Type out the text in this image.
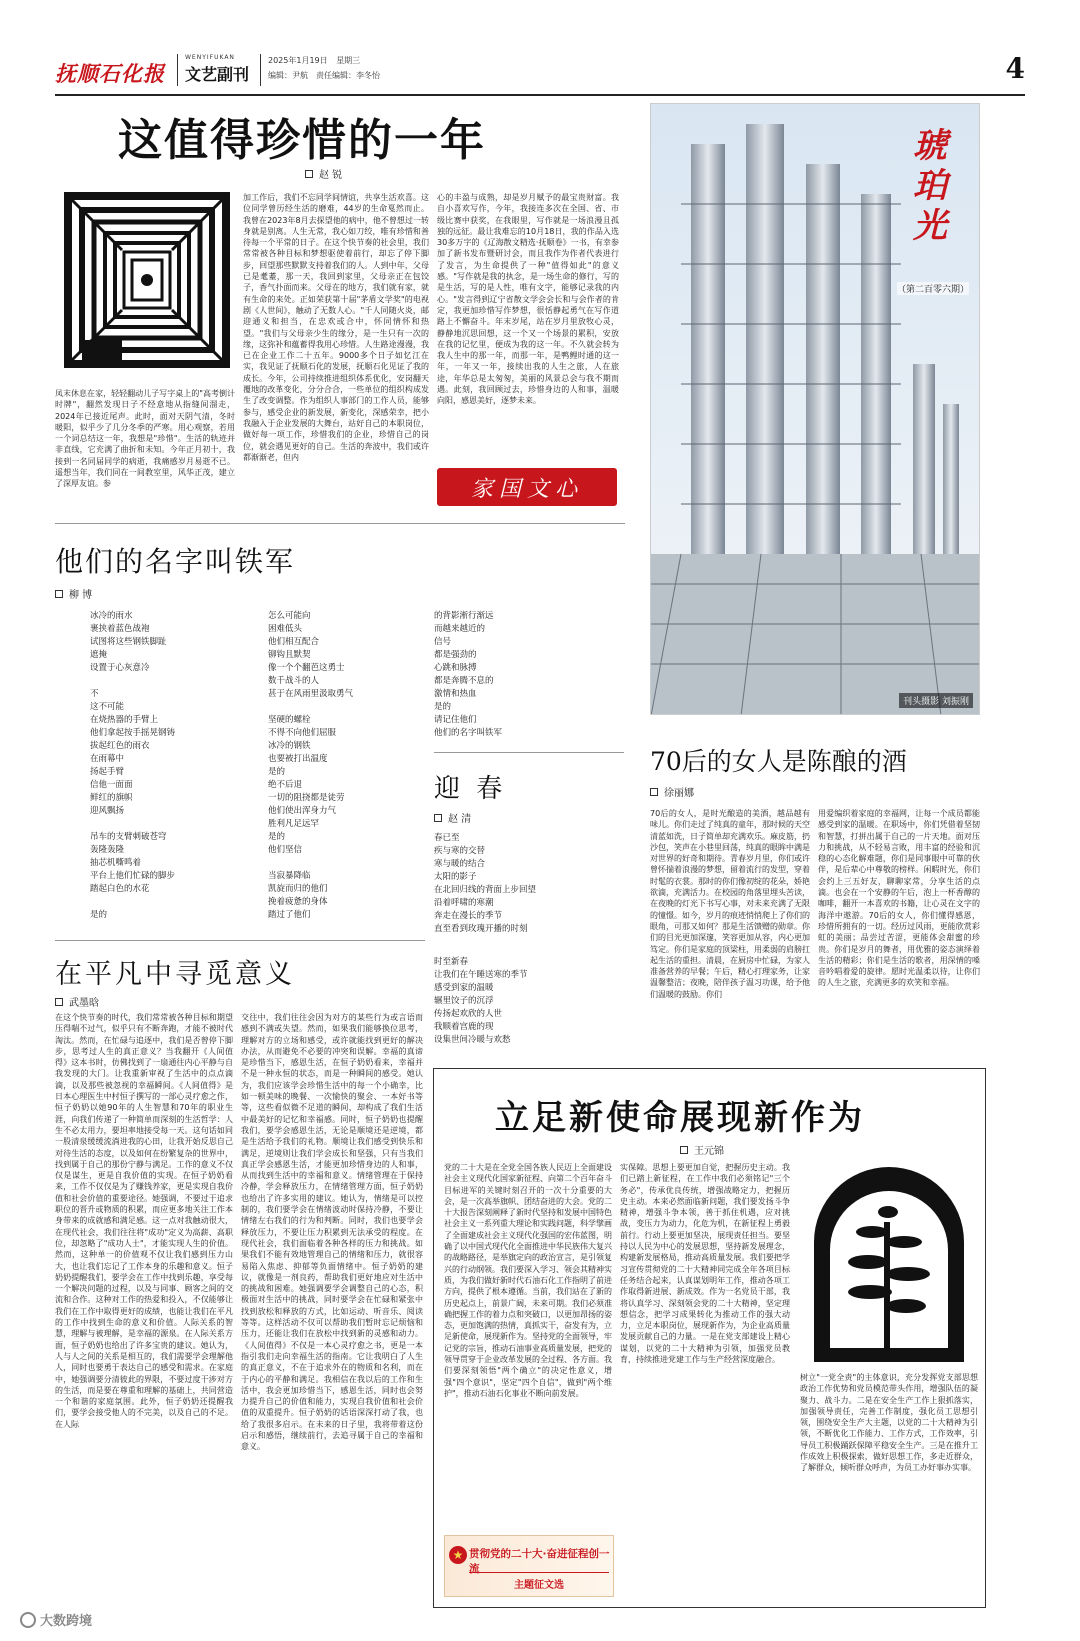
抚顺石化报
WENYIFUKAN
文艺副刊
2025年1月19日 星期三
编辑：尹航　责任编辑：李冬怡	4
这值得珍惜的一年
赵 锐
凤末休息在家，轻轻翻动儿子写字桌上的"高考倒计时牌"，翻然发现日子不经意地从指缝间溜走，2024年已接近尾声。此时，面对天阴气清，冬时暖阳，似乎少了几分冬季的严寒。用心观察，若用一个词总结这一年，我想是"珍惜"。生活的轨迹并非直线，它充满了曲折和未知。今年正月初十，我接到一名同届同学的病逝，我痛感岁月易逝不已。遥想当年，我们同在一间教室里，风华正茂，建立了深厚友谊。参
加工作后，我们不忘同学间情谊，共享生活欢喜。这位同学曾历经生活的磨难，44岁的生命戛然而止。我曾在2023年8月去探望他的病中，他不曾想过一转身就是别离。人生无常，我心如刀绞，唯有珍惜和善待每一个平常的日子。在这个快节奏的社会里，我们常常被各种目标和梦想驱使着前行，却忘了停下脚步，回望那些默默支持着我们的人。人到中年，父母已是耄耋，那一天，我回到家里，父母亲正在包饺子，香气扑面而来。父母在的地方，我们就有家，就有生命的来处。正如荣获第十届"茅盾文学奖"的电视剧《人世间》，触动了无数人心。"千人同随火炎，邮迎通义和担当，在忠欢或合中，怀同情怀和热望。"我们与父母亲少生的缘分，是一生只有一次的缘，这弥补和蕴蓄得我用心珍惜。人生路途漫漫，我已在企业工作二十五年。9000多个日子如忆江在实，我见证了抚顺石化的发展，抚顺石化见证了我的成长。今年，公司持续推进组织体系优化，安岗翻天覆地的改革变化，分分合合，一些单位的组织构成发生了改变调整。作为组织人事部门的工作人员，能够参与，感受企业的新发展，新变化，深感荣幸，把小我融入于企业发展的大舞台，站好自己的本职岗位，做好每一项工作，珍惜我们的企业，珍惜自己的岗位，就会遇见更好的自己。生活的奔波中，我们或许都渐渐老，但内
心的丰盈与成熟，却是岁月赋予的最宝贵财富。我自小喜欢写作，今年，我接连多次在全国、省、市级比赛中获奖，在我眼里，写作就是一场浪漫且孤独的远征。最让我难忘的10月18日，我的作品入选30多万字的《辽海散文精选·抚顺卷》一书，有幸参加了新书发布暨研讨会，而且我作为作者代表进行了发言，为生命提供了一种"值得如此"的意义感。"写作就是我的执念，是一场生命的修行，写的是生活，写的是人性，唯有文字，能够记录我的内心。"发言得到辽宁省散文学会会长和与会作者的肯定，我更加珍惜写作梦想，很恬静起勇气在写作道路上不懈奋斗。年末岁尾，站在岁月里放牧心灵，静静地沉思回想，这一个又一个场景的累积，安放在我的记忆里，便成为我的这一年。不久就会转为我人生中的那一年，而那一年，是鸭鲤时通的这一年，一年又一年，接续出我的人生之旅，人在旅途，年华总是太匆匆，美丽的风景总会与我不期而遇。此刻，我回顾过去，珍惜身边的人和事，温暖向阳，感恩美好，逐梦未来。
家国文心
琥珀光
（第二百零六期）
刊头摄影 刘振刚
他们的名字叫铁军
柳 博
冰冷的雨水
裹挟着蓝色战袍
试图将这些钢铁脚趾
遮掩
设置于心灰意冷

不
这不可能
在烧热器的手臂上
他们拿起按手摇晃钢铸
拔起红色的雨衣
在雨幕中
扬起手臂
信他一面面
鲜红的旗帜
迎风飘扬

吊车的支臂刺破苍穹
轰隆轰隆
抽芯机嘶鸣着
平台上他们忙碌的脚步
踏起白色的水花

是的
怎么可能向
困难低头
他们相互配合
铆钩且默契
像一个个翻芭这勇士
数千战斗的人
甚于在风雨里汲取勇气

坚硬的螺栓
不得不向他们屈服
冰冷的钢铁
也要被打出温度
是的
绝不后退
一切的阻挠都是徒劳
他们使出浑身力气
胜利凡足远罕
是的
他们坚信

当寂暴降临
凯旋而归的他们
挽着疲惫的身体
踏过了他们
的背影淅行渐远
而越来越近的
信号
都是强劲的
心跳和脉搏
都是奔腾不息的
激情和热血
是的
请记住他们
他们的名字叫铁军
迎 春
赵 清
春已至
疾与寒的交替
寒与暖的结合
太阳的影子
在北回归线的背面上步回望
沿着呼啸的寒潮
奔走在漫长的季节
直至看到玫瑰开播的时刻
时至新春
让我们在午睡送寒的季节
感受到家的温暖
辗里饺子的沉浮
传扬起欢欣的人世
我顺着宫鹿的现
设集世间冷暖与欢愁
在平凡中寻觅意义
武墨晗
在这个快节奏的时代，我们常常被各种目标和期望压得喘不过气，似乎只有不断奔跑，才能不被时代淘汰。然而，在忙碌与追逐中，我们是否曾停下脚步，思考过人生的真正意义？当我翻开《人间值得》这本书时，仿佛找到了一扇通往内心平静与自我发现的大门。让我重新审视了生活中的点点滴滴，以及那些被忽视的幸福瞬间。《人间值得》是日本心理医生中村恒子撰写的一部心灵疗愈之作，恒子奶奶以她90年的人生智慧和70年的职业生涯，向我们传递了一种简单而深刻的生活哲学：人生不必太用力，要坦率地接受每一天。这句话如同一股清泉缓缓流淌进我的心田，让我开始反思自己对待生活的态度，以及如何在纷繁复杂的世界中，找到属于自己的那份宁静与满足。工作的意义不仅仅是谋生，更是自我价值的实现。在恒子奶奶看来，工作不仅仅是为了赚钱养家，更是实现自我价值和社会价值的重要途径。她强调，不要过于追求职位的晋升或物质的积累，而应更多地关注工作本身带来的成就感和满足感。这一点对我触动很大，在现代社会，我们往往将"成功"定义为高薪、高职位，却忽略了"成功人士"，才能实现人生的价值。然而，这种单一的价值观不仅让我们感到压力山大，也让我们忘记了工作本身的乐趣和意义。恒子奶奶提醒我们，要学会在工作中找到乐趣，享受每一个解决问题的过程，以及与同事、顾客之间的交流和合作。这种对工作的热爱和投入，不仅能够让我们在工作中取得更好的成绩，也能让我们在平凡的工作中找到生命的意义和价值。人际关系的智慧，理解与被理解，是幸福的源泉。在人际关系方面，恒子奶奶也给出了许多宝贵的建议。她认为，人与人之间的关系是相互的，我们需要学会理解他人，同时也要勇于表达自己的感受和需求。在家庭中，她强调要分清彼此的界限，不要过度干涉对方的生活，而是要在尊重和理解的基础上，共同营造一个和谐的家庭氛围。此外，恒子奶奶还提醒我们，要学会接受他人的不完美，以及自己的不足。在人际
交往中，我们往往会因为对方的某些行为或言语而感到不满或失望。然而，如果我们能够换位思考，理解对方的立场和感受，或许就能找到更好的解决办法，从而避免不必要的冲突和误解。幸福的真谛是珍惜当下，感恩生活，在恒子奶奶看来，幸福并不是一种永恒的状态，而是一种瞬间的感受。她认为，我们应该学会珍惜生活中的每一个小确幸，比如一顿美味的晚餐、一次愉快的聚会、一本好书等等，这些看似微不足道的瞬间，却构成了我们生活中最美好的记忆和幸福感。同时，恒子奶奶也提醒我们，要学会感恩生活，无论是顺境还是逆境，都是生活给予我们的礼物。顺境让我们感受到快乐和满足，逆境则让我们学会成长和坚强，只有当我们真正学会感恩生活，才能更加珍惜身边的人和事，从而找到生活中的幸福和意义。情绪管理在于保持冷静，学会释放压力，在情绪管理方面，恒子奶奶也给出了许多实用的建议。她认为，情绪是可以控制的，我们要学会在情绪波动时保持冷静，不要让情绪左右我们的行为和判断。同时，我们也要学会释放压力，不要让压力积累到无法承受的程度。在现代社会，我们面临着各种各样的压力和挑战。如果我们不能有效地管理自己的情绪和压力，就很容易陷入焦虑、抑郁等负面情绪中。恒子奶奶的建议，就像是一剂良药，帮助我们更好地应对生活中的挑战和困难。她强调要学会调整自己的心态，积极面对生活中的挑战，同时要学会在忙碌和紧张中找到放松和释放的方式，比如运动、听音乐、阅读等等。这样活动不仅可以帮助我们暂时忘记烦恼和压力，还能让我们在放松中找到新的灵感和动力。《人间值得》不仅是一本心灵疗愈之书，更是一本指引我们走向幸福生活的指南。它让我明白了人生的真正意义，不在于追求外在的物质和名利，而在于内心的平静和满足。我相信在我以后的工作和生活中，我会更加珍惜当下，感恩生活，同时也会努力提升自己的价值和能力，实现自我价值和社会价值的双重提升。恒子奶奶的话语深深打动了我，也给了我很多启示。在未来的日子里，我将带着这份启示和感悟，继续前行，去追寻属于自己的幸福和意义。
70后的女人是陈酿的酒
徐丽娜
70后的女人，是时光酿造的美酒，越品越有味儿。你们走过了纯真的童年，那时候的天空清蓝如洗，日子简单却充满欢乐。麻皮筋，扔沙包，笑声在小巷里回荡，纯真的眼眸中满是对世界的好奇和期待。青春岁月里，你们或许曾怀揣着浪漫的梦想，留着流行的发型，穿着时髦的衣裳。那时的你们像初绽的花朵，娇艳欲滴，充满活力。在校园的角落里埋头苦读，在夜晚的灯光下书写心事，对未来充满了无限的憧憬。如今，岁月的痕迹悄悄爬上了你们的眼角，可那又如何？那是生活馈赠的勋章。你们的目光更加深邃，笑容更加从容，内心更加笃定。你们是家庭的顶梁柱，用柔弱的肩膀扛起生活的重担。清晨，在厨房中忙碌，为家人准备营养的早餐；午后，精心打理家务，让家温馨整洁；夜晚，陪伴孩子温习功课，给予他们温暖的鼓励。你们
用爱编织着家庭的幸福网，让每一个成员都能感受到家的温暖。在职场中，你们凭借着坚韧和智慧，打拼出属于自己的一片天地。面对压力和挑战，从不轻易言败，用丰富的经验和沉稳的心态化解难题，你们是同事眼中可靠的伙伴，是后辈心中尊敬的榜样。闲暇时光，你们会约上三五好友，聊聊家常，分享生活的点滴。也会在一个安静的午后，泡上一杯香醇的咖啡，翻开一本喜欢的书籍，让心灵在文字的海洋中遨游。70后的女人，你们懂得感恩，珍惜所拥有的一切。经历过风雨，更能欣赏彩虹的美丽；品尝过苦涩，更能体会甜蜜的珍贵。你们是岁月的舞者，用优雅的姿态演绎着生活的精彩；你们是生活的歌者，用深情的嗓音吟唱着爱的旋律。愿时光温柔以待，让你们的人生之旅，充满更多的欢笑和幸福。
立足新使命展现新作为
王元锦
党的二十大是在全党全国各族人民迈上全面建设社会主义现代化国家新征程、向第二个百年奋斗目标进军的关键时刻召开的一次十分重要的大会，是一次高举旗帜、团结奋进的大会。党的二十大报告深刻阐释了新时代坚持和发展中国特色社会主义一系列重大理论和实践问题，科学擘画了全面建成社会主义现代化强国的宏伟蓝图，明确了以中国式现代化全面推进中华民族伟大复兴的战略路径，是举旗定向的政治宣言，是引领复兴的行动纲领。我们要深入学习、领会其精神实质，为我们做好新时代石油石化工作指明了前进方向，提供了根本遵循。当前，我们站在了新的历史起点上，前景广阔，未来可期。我们必须准确把握工作的着力点和突破口，以更加昂扬的姿态，更加饱满的热情，真抓实干，奋发有为，立足新使命，展现新作为。坚持党的全面领导，牢记党的宗旨，推动石油事业高质量发展，把党的领导贯穿于企业改革发展的全过程、各方面。我们要深刻领悟"两个确立"的决定性意义，增强"四个意识"，坚定"四个自信"，做到"两个维护"，推动石油石化事业不断向前发展。
实保障。思想上要更加自觉，把握历史主动。我们已踏上新征程，在工作中我们必须铭记"三个务必"，传承优良传统，增强战略定力，把握历史主动。本来必然面临新问题，我们要发扬斗争精神，增强斗争本领，善于抓住机遇，应对挑战，变压力为动力，化危为机，在新征程上勇毅前行。行动上要更加坚决，展现责任担当。要坚持以人民为中心的发展思想，坚持新发展理念，构建新发展格局，推动高质量发展。我们要把学习宣传贯彻党的二十大精神同完成全年各项目标任务结合起来，认真谋划明年工作，推动各项工作取得新进展、新成效。作为一名党员干部，我将认真学习、深刻领会党的二十大精神，坚定理想信念，把学习成果转化为推动工作的强大动力，立足本职岗位，展现新作为，为企业高质量发展贡献自己的力量。一是在党支部建设上精心谋划，以党的二十大精神为引领，加强党员教育，持续推进党建工作与生产经营深度融合。
树立"一党全责"的主体意识，充分发挥党支部思想政治工作优势和党员模范带头作用，增强队伍的凝聚力、战斗力。二是在安全生产工作上狠抓落实，加强领导责任，完善工作制度，强化员工思想引领，围绕安全生产大主题，以党的二十大精神为引领，不断优化工作能力、工作方式，工作效率，引导员工积极踊跃保障平稳安全生产。三是在推升工作成效上积极探索，做好思想工作，多走近群众，了解群众，倾听群众呼声，为员工办好事办实事。
★ 贯彻党的二十大·奋进征程创一流
主题征文选
大数跨境
